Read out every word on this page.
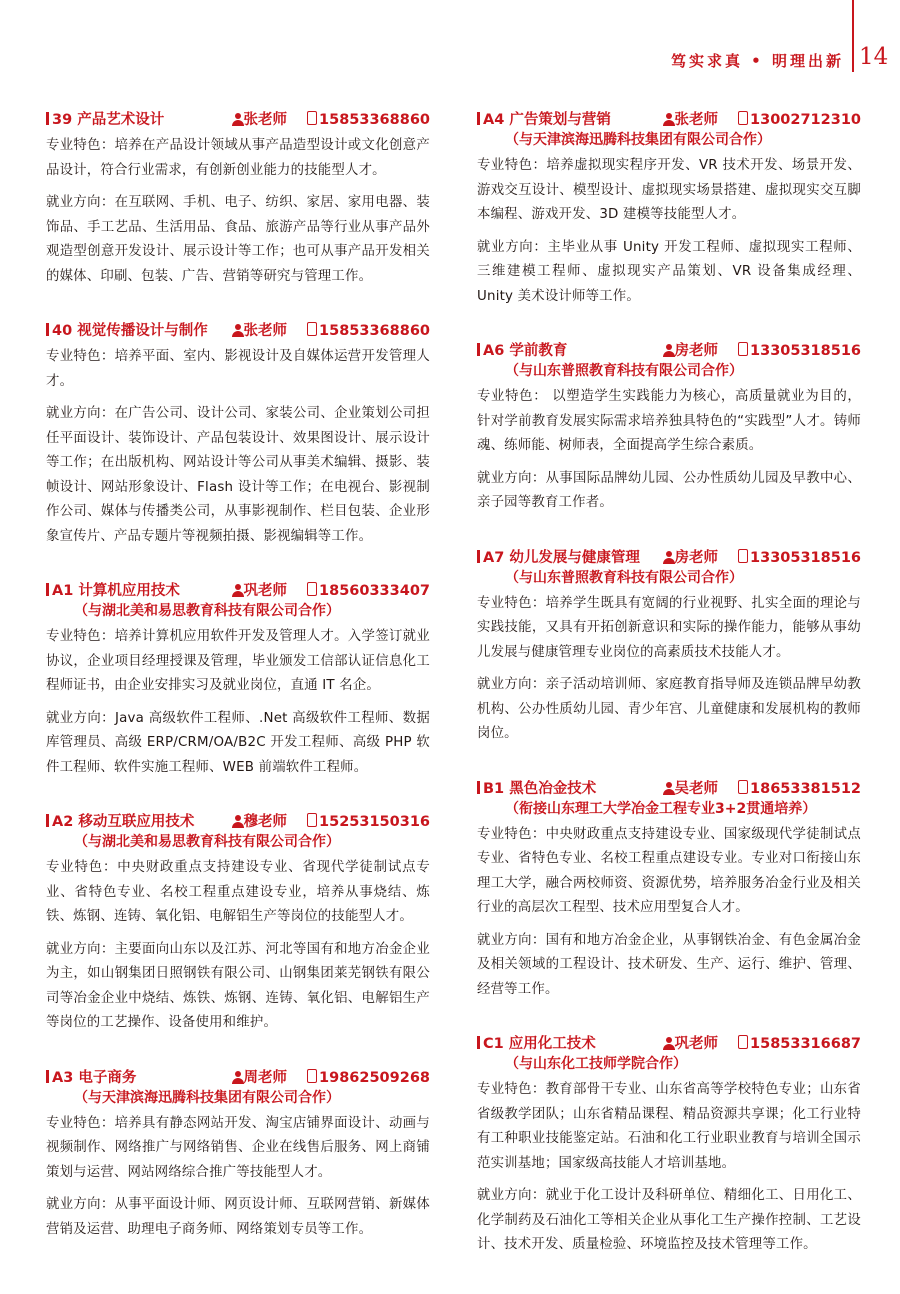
笃实求真 • 明理出新 14
39 产品艺术设计	张老师 15853368860

专业特色：培养在产品设计领域从事产品造型设计或文化创意产品设计，符合行业需求，有创新创业能力的技能型人才。

就业方向：在互联网、手机、电子、纺织、家居、家用电器、装饰品、手工艺品、生活用品、食品、旅游产品等行业从事产品外观造型创意开发设计、展示设计等工作；也可从事产品开发相关的媒体、印刷、包装、广告、营销等研究与管理工作。

40 视觉传播设计与制作	张老师 15853368860

专业特色：培养平面、室内、影视设计及自媒体运营开发管理人才。

就业方向：在广告公司、设计公司、家装公司、企业策划公司担任平面设计、装饰设计、产品包装设计、效果图设计、展示设计等工作；在出版机构、网站设计等公司从事美术编辑、摄影、装帧设计、网站形象设计、Flash 设计等工作；在电视台、影视制作公司、媒体与传播类公司，从事影视制作、栏目包装、企业形象宣传片、产品专题片等视频拍摄、影视编辑等工作。

A1 计算机应用技术	巩老师 18560333407
（与湖北美和易思教育科技有限公司合作）

专业特色：培养计算机应用软件开发及管理人才。入学签订就业协议，企业项目经理授课及管理，毕业颁发工信部认证信息化工程师证书，由企业安排实习及就业岗位，直通 IT 名企。

就业方向：Java 高级软件工程师、.Net 高级软件工程师、数据库管理员、高级 ERP/CRM/OA/B2C 开发工程师、高级 PHP 软件工程师、软件实施工程师、WEB 前端软件工程师。

A2 移动互联应用技术	穆老师 15253150316
（与湖北美和易思教育科技有限公司合作）

专业特色：中央财政重点支持建设专业、省现代学徒制试点专业、省特色专业、名校工程重点建设专业，培养从事烧结、炼铁、炼钢、连铸、氧化铝、电解铝生产等岗位的技能型人才。

就业方向：主要面向山东以及江苏、河北等国有和地方冶金企业为主，如山钢集团日照钢铁有限公司、山钢集团莱芜钢铁有限公司等冶金企业中烧结、炼铁、炼钢、连铸、氧化铝、电解铝生产等岗位的工艺操作、设备使用和维护。

A3 电子商务	周老师 19862509268
（与天津滨海迅腾科技集团有限公司合作）

专业特色：培养具有静态网站开发、淘宝店铺界面设计、动画与视频制作、网络推广与网络销售、企业在线售后服务、网上商铺策划与运营、网站网络综合推广等技能型人才。

就业方向：从事平面设计师、网页设计师、互联网营销、新媒体营销及运营、助理电子商务师、网络策划专员等工作。

A4 广告策划与营销	张老师 13002712310
（与天津滨海迅腾科技集团有限公司合作）

专业特色：培养虚拟现实程序开发、VR 技术开发、场景开发、游戏交互设计、模型设计、虚拟现实场景搭建、虚拟现实交互脚本编程、游戏开发、3D 建模等技能型人才。

就业方向：主毕业从事 Unity 开发工程师、虚拟现实工程师、三维建模工程师、虚拟现实产品策划、VR 设备集成经理、Unity 美术设计师等工作。

A6 学前教育	房老师 13305318516
（与山东普照教育科技有限公司合作）

专业特色： 以塑造学生实践能力为核心，高质量就业为目的，针对学前教育发展实际需求培养独具特色的“实践型”人才。铸师魂、练师能、树师表，全面提高学生综合素质。

就业方向：从事国际品牌幼儿园、公办性质幼儿园及早教中心、亲子园等教育工作者。

A7 幼儿发展与健康管理	房老师 13305318516
（与山东普照教育科技有限公司合作）

专业特色：培养学生既具有宽阔的行业视野、扎实全面的理论与实践技能，又具有开拓创新意识和实际的操作能力，能够从事幼儿发展与健康管理专业岗位的高素质技术技能人才。

就业方向：亲子活动培训师、家庭教育指导师及连锁品牌早幼教机构、公办性质幼儿园、青少年宫、儿童健康和发展机构的教师岗位。

B1 黑色冶金技术	吴老师 18653381512
（衔接山东理工大学冶金工程专业3+2贯通培养）

专业特色：中央财政重点支持建设专业、国家级现代学徒制试点专业、省特色专业、名校工程重点建设专业。专业对口衔接山东理工大学，融合两校师资、资源优势，培养服务冶金行业及相关行业的高层次工程型、技术应用型复合人才。

就业方向：国有和地方冶金企业，从事钢铁冶金、有色金属冶金及相关领域的工程设计、技术研发、生产、运行、维护、管理、经营等工作。

C1 应用化工技术	巩老师 15853316687
（与山东化工技师学院合作）

专业特色：教育部骨干专业、山东省高等学校特色专业；山东省省级教学团队；山东省精品课程、精品资源共享课；化工行业特有工种职业技能鉴定站。石油和化工行业职业教育与培训全国示范实训基地；国家级高技能人才培训基地。

就业方向：就业于化工设计及科研单位、精细化工、日用化工、化学制药及石油化工等相关企业从事化工生产操作控制、工艺设计、技术开发、质量检验、环境监控及技术管理等工作。
